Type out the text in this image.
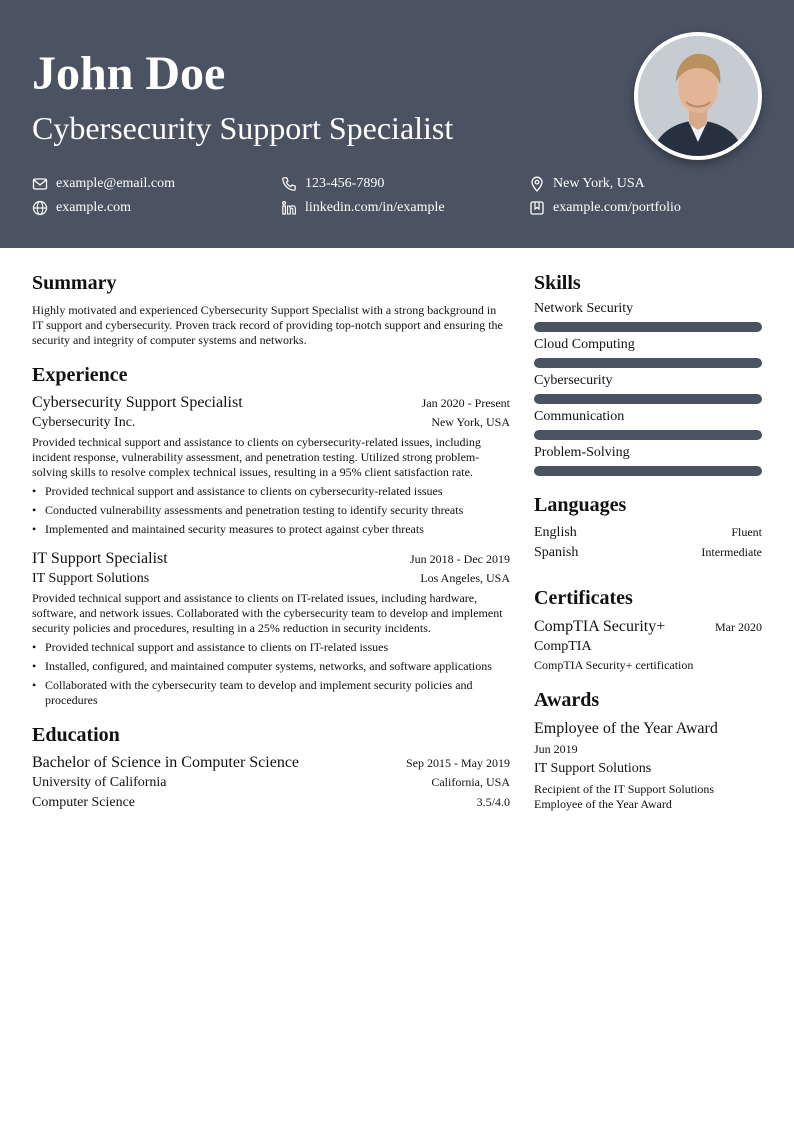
John Doe
Cybersecurity Support Specialist
example@email.com	123-456-7890	New York, USA
example.com	linkedin.com/in/example	example.com/portfolio
Summary

Highly motivated and experienced Cybersecurity Support Specialist with a strong background in IT support and cybersecurity. Proven track record of providing top-notch support and ensuring the security and integrity of computer systems and networks.

Experience
Cybersecurity Support Specialist	Jan 2020 - Present
Cybersecurity Inc.	New York, USA

Provided technical support and assistance to clients on cybersecurity-related issues, including incident response, vulnerability assessment, and penetration testing. Utilized strong problem-solving skills to resolve complex technical issues, resulting in a 95% client satisfaction rate.

• Provided technical support and assistance to clients on cybersecurity-related issues
• Conducted vulnerability assessments and penetration testing to identify security threats
• Implemented and maintained security measures to protect against cyber threats
IT Support Specialist	Jun 2018 - Dec 2019
IT Support Solutions	Los Angeles, USA

Provided technical support and assistance to clients on IT-related issues, including hardware, software, and network issues. Collaborated with the cybersecurity team to develop and implement security policies and procedures, resulting in a 25% reduction in security incidents.

• Provided technical support and assistance to clients on IT-related issues
• Installed, configured, and maintained computer systems, networks, and software applications
• Collaborated with the cybersecurity team to develop and implement security policies and procedures
Education
Bachelor of Science in Computer Science	Sep 2015 - May 2019
University of California	California, USA
Computer Science	3.5/4.0
Skills
Network Security
Cloud Computing
Cybersecurity
Communication
Problem-Solving
Languages
English	Fluent
Spanish	Intermediate
Certificates
CompTIA Security+	Mar 2020
CompTIA
CompTIA Security+ certification
Awards
Employee of the Year Award
Jun 2019
IT Support Solutions
Recipient of the IT Support Solutions Employee of the Year Award
